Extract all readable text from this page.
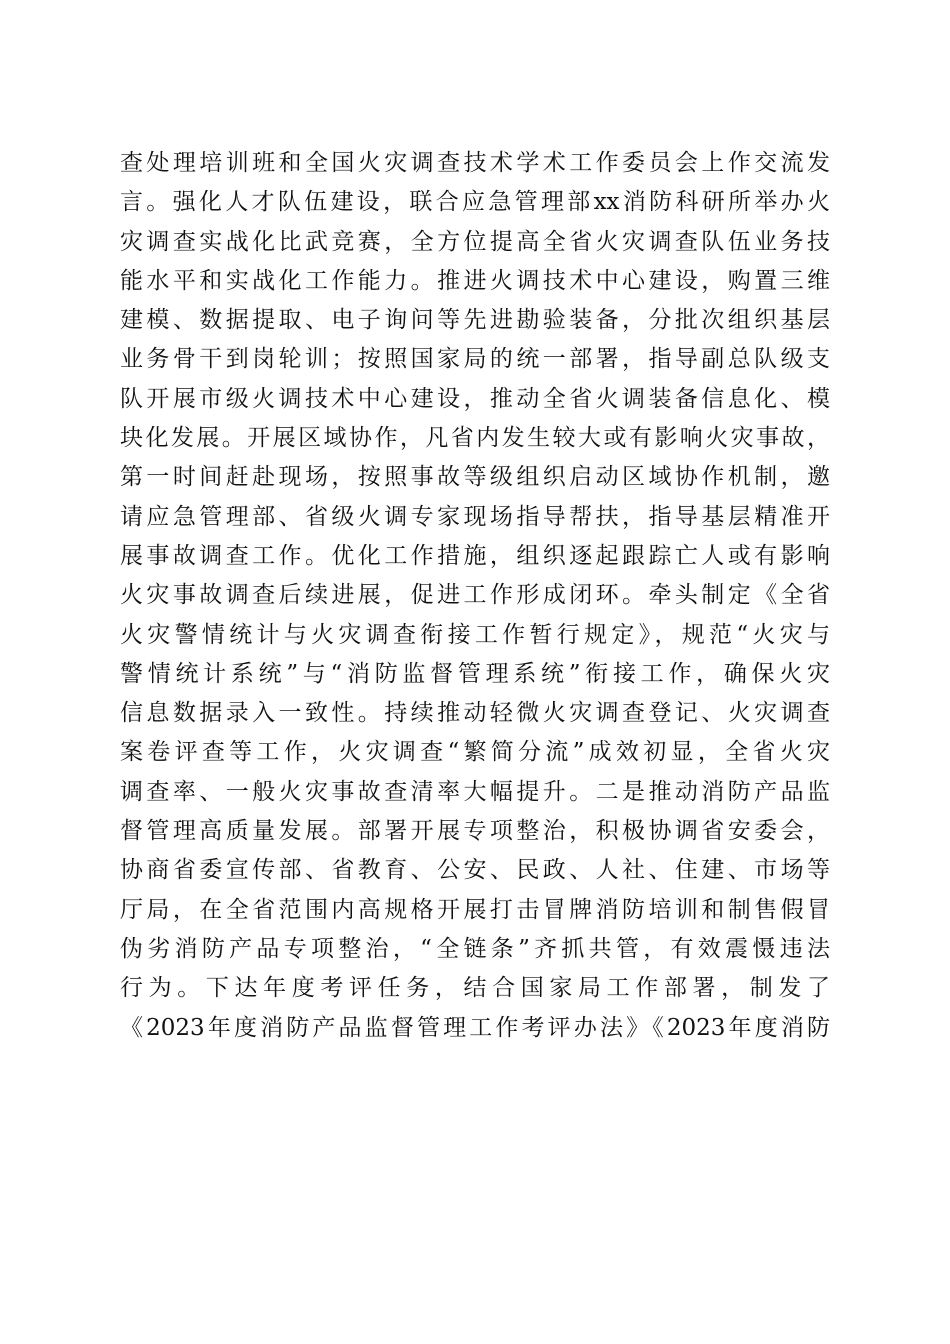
查处理培训班和全国火灾调查技术学术工作委员会上作交流发
言。强化人才队伍建设，联合应急管理部xx消防科研所举办火
灾调查实战化比武竞赛，全方位提高全省火灾调查队伍业务技
能水平和实战化工作能力。推进火调技术中心建设，购置三维
建模、数据提取、电子询问等先进勘验装备，分批次组织基层
业务骨干到岗轮训；按照国家局的统一部署，指导副总队级支
队开展市级火调技术中心建设，推动全省火调装备信息化、模
块化发展。开展区域协作，凡省内发生较大或有影响火灾事故，
第一时间赶赴现场，按照事故等级组织启动区域协作机制，邀
请应急管理部、省级火调专家现场指导帮扶，指导基层精准开
展事故调查工作。优化工作措施，组织逐起跟踪亡人或有影响
火灾事故调查后续进展，促进工作形成闭环。牵头制定《全省
火灾警情统计与火灾调查衔接工作暂行规定》，规范“火灾与
警情统计系统”与“消防监督管理系统”衔接工作，确保火灾
信息数据录入一致性。持续推动轻微火灾调查登记、火灾调查
案卷评查等工作，火灾调查“繁简分流”成效初显，全省火灾
调查率、一般火灾事故查清率大幅提升。二是推动消防产品监
督管理高质量发展。部署开展专项整治，积极协调省安委会，
协商省委宣传部、省教育、公安、民政、人社、住建、市场等
厅局，在全省范围内高规格开展打击冒牌消防培训和制售假冒
伪劣消防产品专项整治，“全链条”齐抓共管，有效震慑违法
行为。下达年度考评任务，结合国家局工作部署，制发了
《2023年度消防产品监督管理工作考评办法》《2023年度消防
